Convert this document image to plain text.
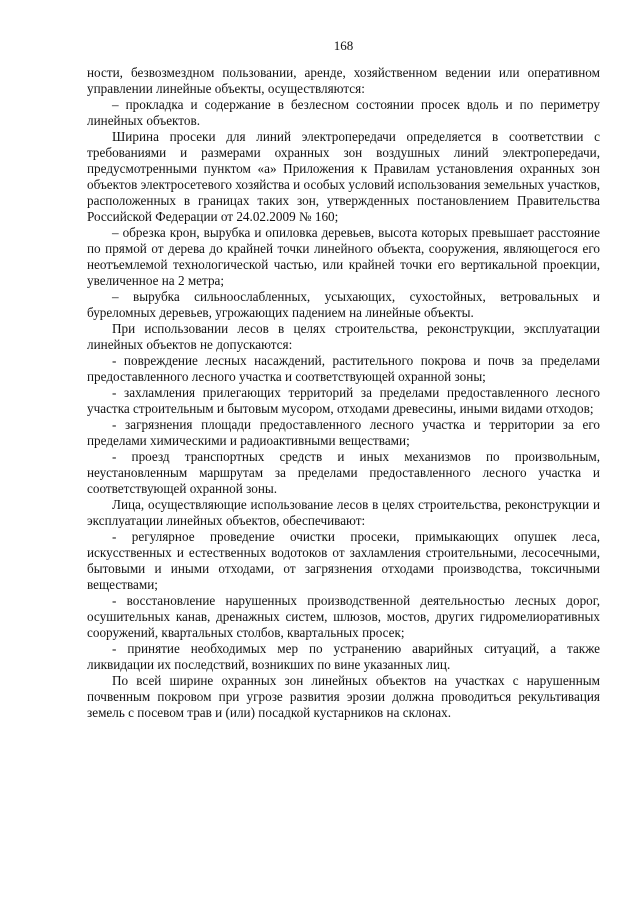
168

ности, безвозмездном пользовании, аренде, хозяйственном ведении или оперативном управлении линейные объекты, осуществляются:

– прокладка и содержание в безлесном состоянии просек вдоль и по периметру линейных объектов.

Ширина просеки для линий электропередачи определяется в соответствии с требованиями и размерами охранных зон воздушных линий электропередачи, предусмотренными пунктом «а» Приложения к Правилам установления охранных зон объектов электросетевого хозяйства и особых условий использования земельных участков, расположенных в границах таких зон, утвержденных постановлением Правительства Российской Федерации от 24.02.2009 № 160;

– обрезка крон, вырубка и опиловка деревьев, высота которых превышает расстояние по прямой от дерева до крайней точки линейного объекта, сооружения, являющегося его неотъемлемой технологической частью, или крайней точки его вертикальной проекции, увеличенное на 2 метра;

– вырубка сильноослабленных, усыхающих, сухостойных, ветровальных и буреломных деревьев, угрожающих падением на линейные объекты.

При использовании лесов в целях строительства, реконструкции, эксплуатации линейных объектов не допускаются:

- повреждение лесных насаждений, растительного покрова и почв за пределами предоставленного лесного участка и соответствующей охранной зоны;

- захламления прилегающих территорий за пределами предоставленного лесного участка строительным и бытовым мусором, отходами древесины, иными видами отходов;

- загрязнения площади предоставленного лесного участка и территории за его пределами химическими и радиоактивными веществами;

- проезд транспортных средств и иных механизмов по произвольным, неустановленным маршрутам за пределами предоставленного лесного участка и соответствующей охранной зоны.

Лица, осуществляющие использование лесов в целях строительства, реконструкции и эксплуатации линейных объектов, обеспечивают:

- регулярное проведение очистки просеки, примыкающих опушек леса, искусственных и естественных водотоков от захламления строительными, лесосечными, бытовыми и иными отходами, от загрязнения отходами производства, токсичными веществами;

- восстановление нарушенных производственной деятельностью лесных дорог, осушительных канав, дренажных систем, шлюзов, мостов, других гидромелиоративных сооружений, квартальных столбов, квартальных просек;

- принятие необходимых мер по устранению аварийных ситуаций, а также ликвидации их последствий, возникших по вине указанных лиц.

По всей ширине охранных зон линейных объектов на участках с нарушенным почвенным покровом при угрозе развития эрозии должна проводиться рекультивация земель с посевом трав и (или) посадкой кустарников на склонах.
